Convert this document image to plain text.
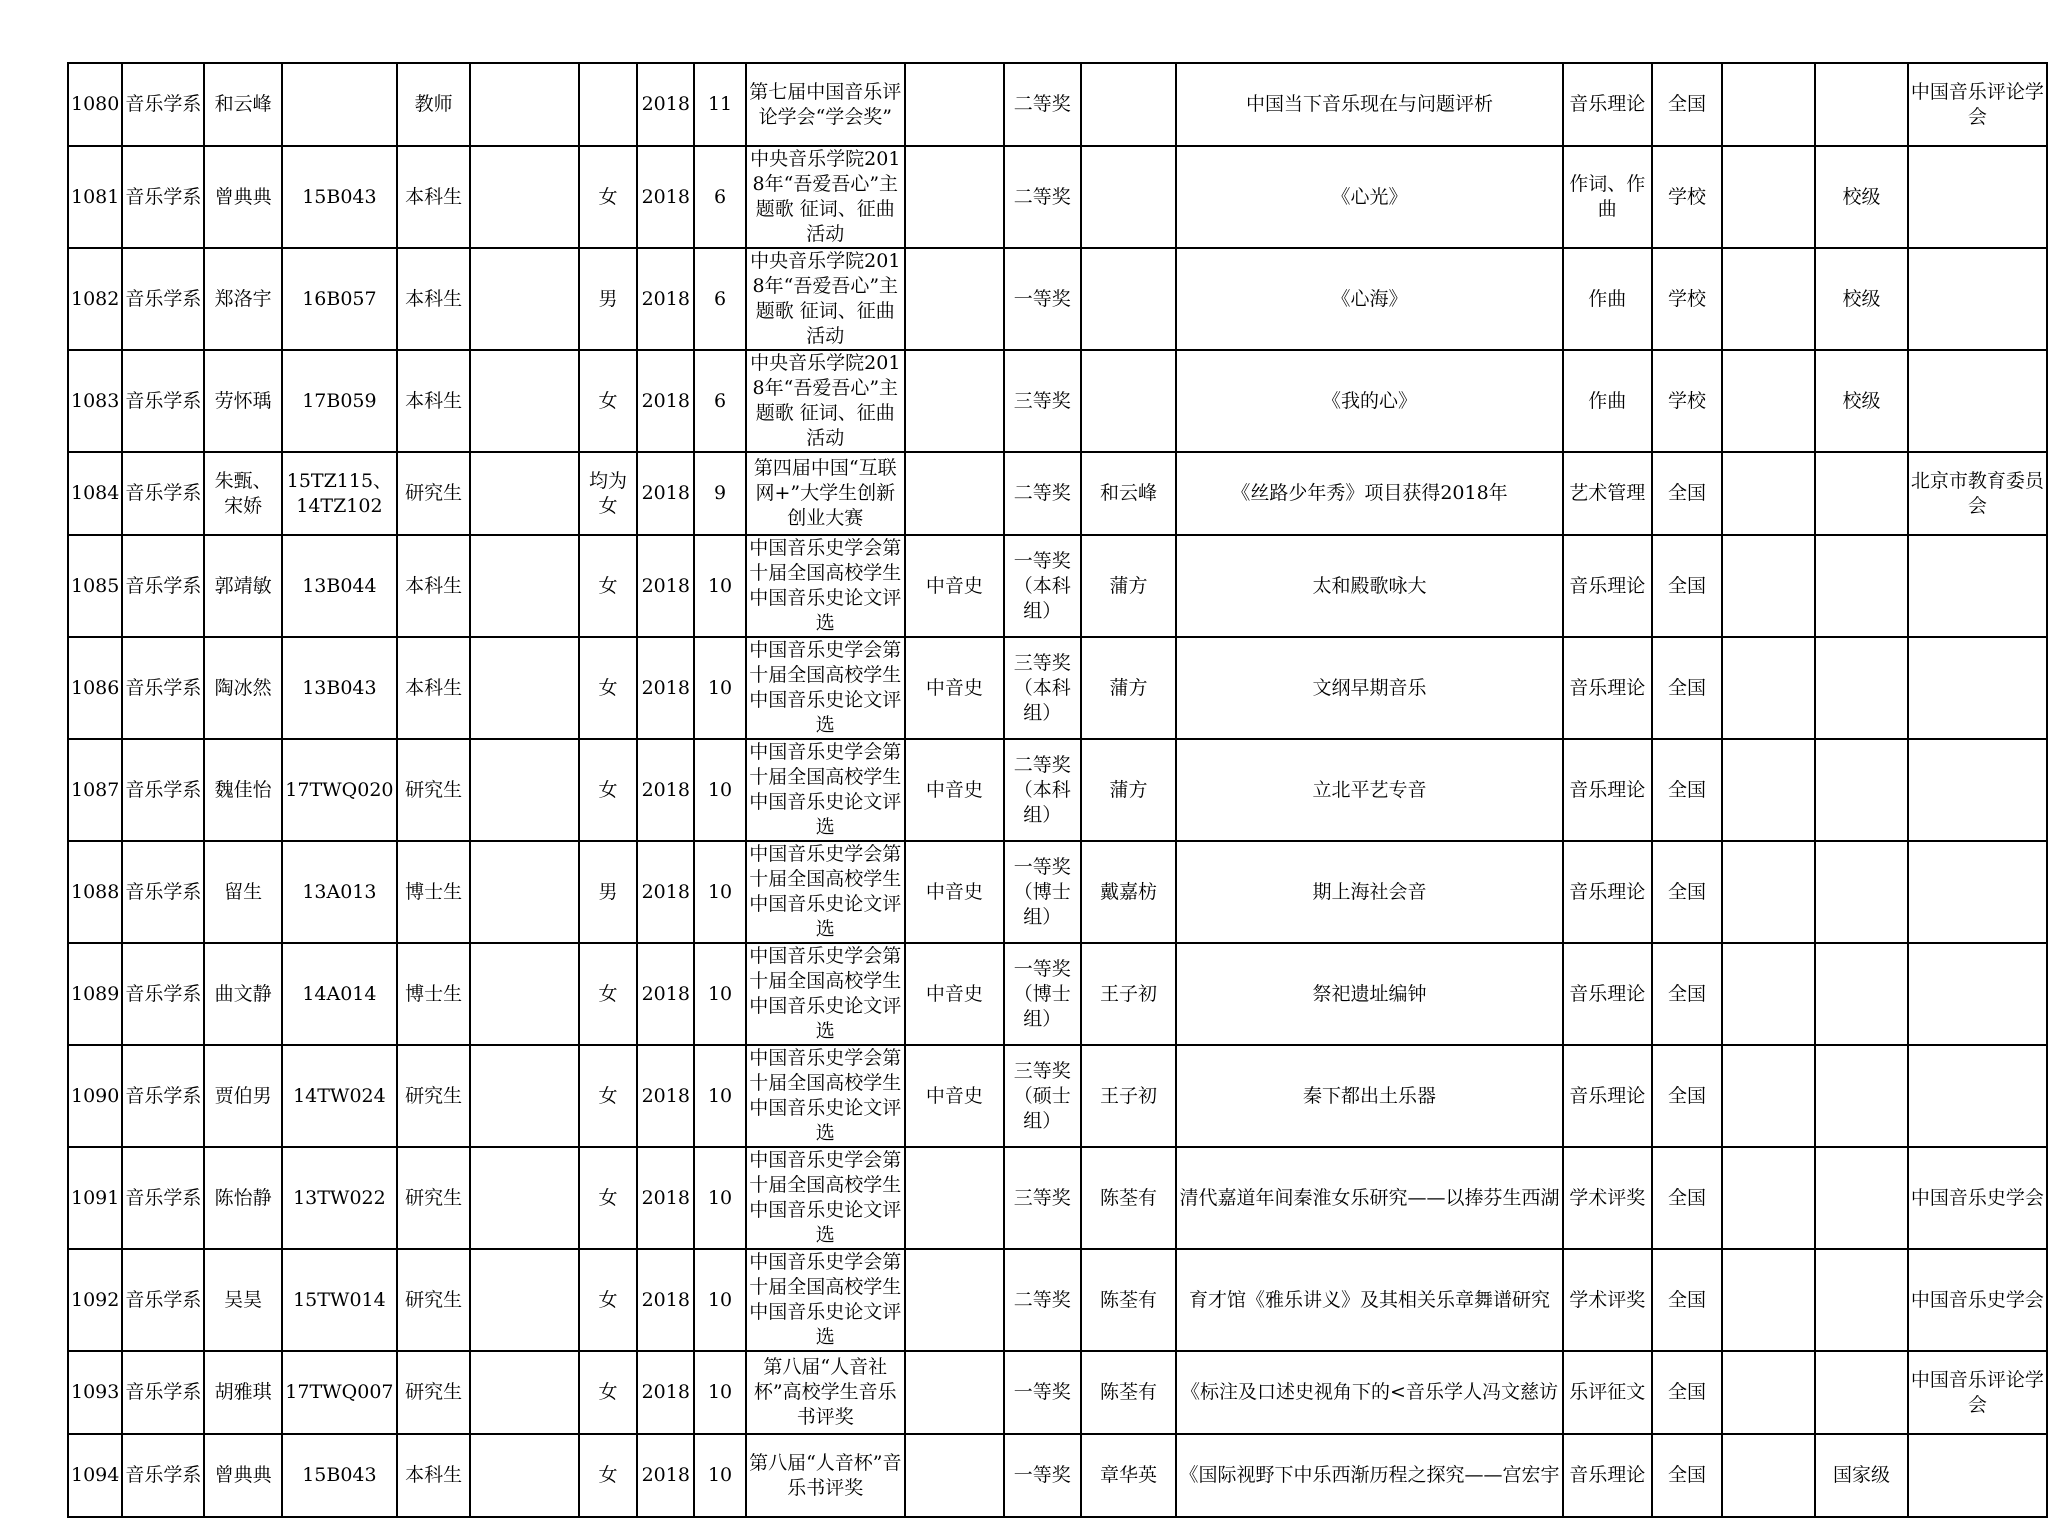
1080	音乐学系	和云峰		教师			2018	11	第七届中国音乐评论学会“学会奖”		二等奖		中国当下音乐现在与问题评析	音乐理论	全国			中国音乐评论学会
1081	音乐学系	曾典典	15B043	本科生		女	2018	6	中央音乐学院2018年“吾爱吾心”主题歌 征词、征曲活动		二等奖		《心光》	作词、作曲	学校		校级	
1082	音乐学系	郑洛宇	16B057	本科生		男	2018	6	中央音乐学院2018年“吾爱吾心”主题歌 征词、征曲活动		一等奖		《心海》	作曲	学校		校级	
1083	音乐学系	劳怀瑀	17B059	本科生		女	2018	6	中央音乐学院2018年“吾爱吾心”主题歌 征词、征曲活动		三等奖		《我的心》	作曲	学校		校级	
1084	音乐学系	朱甄、宋娇	15TZ115、14TZ102	研究生		均为女	2018	9	第四届中国“互联网+”大学生创新创业大赛		二等奖	和云峰	《丝路少年秀》项目获得2018年	艺术管理	全国			北京市教育委员会
1085	音乐学系	郭靖敏	13B044	本科生		女	2018	10	中国音乐史学会第十届全国高校学生中国音乐史论文评选	中音史	一等奖（本科组）	蒲方	太和殿歌咏大	音乐理论	全国			
1086	音乐学系	陶冰然	13B043	本科生		女	2018	10	中国音乐史学会第十届全国高校学生中国音乐史论文评选	中音史	三等奖（本科组）	蒲方	文纲早期音乐	音乐理论	全国			
1087	音乐学系	魏佳怡	17TWQ020	研究生		女	2018	10	中国音乐史学会第十届全国高校学生中国音乐史论文评选	中音史	二等奖（本科组）	蒲方	立北平艺专音	音乐理论	全国			
1088	音乐学系	留生	13A013	博士生		男	2018	10	中国音乐史学会第十届全国高校学生中国音乐史论文评选	中音史	一等奖（博士组）	戴嘉枋	期上海社会音	音乐理论	全国			
1089	音乐学系	曲文静	14A014	博士生		女	2018	10	中国音乐史学会第十届全国高校学生中国音乐史论文评选	中音史	一等奖（博士组）	王子初	祭祀遗址编钟	音乐理论	全国			
1090	音乐学系	贾伯男	14TW024	研究生		女	2018	10	中国音乐史学会第十届全国高校学生中国音乐史论文评选	中音史	三等奖（硕士组）	王子初	秦下都出土乐器	音乐理论	全国			
1091	音乐学系	陈怡静	13TW022	研究生		女	2018	10	中国音乐史学会第十届全国高校学生中国音乐史论文评选		三等奖	陈荃有	清代嘉道年间秦淮女乐研究——以捧芬生西湖	学术评奖	全国			中国音乐史学会
1092	音乐学系	吴昊	15TW014	研究生		女	2018	10	中国音乐史学会第十届全国高校学生中国音乐史论文评选		二等奖	陈荃有	育才馆《雅乐讲义》及其相关乐章舞谱研究	学术评奖	全国			中国音乐史学会
1093	音乐学系	胡雅琪	17TWQ007	研究生		女	2018	10	第八届“人音社杯”高校学生音乐书评奖		一等奖	陈荃有	《标注及口述史视角下的<音乐学人冯文慈访	乐评征文	全国			中国音乐评论学会
1094	音乐学系	曾典典	15B043	本科生		女	2018	10	第八届“人音杯”音乐书评奖		一等奖	章华英	《国际视野下中乐西渐历程之探究——宫宏宇	音乐理论	全国		国家级	
